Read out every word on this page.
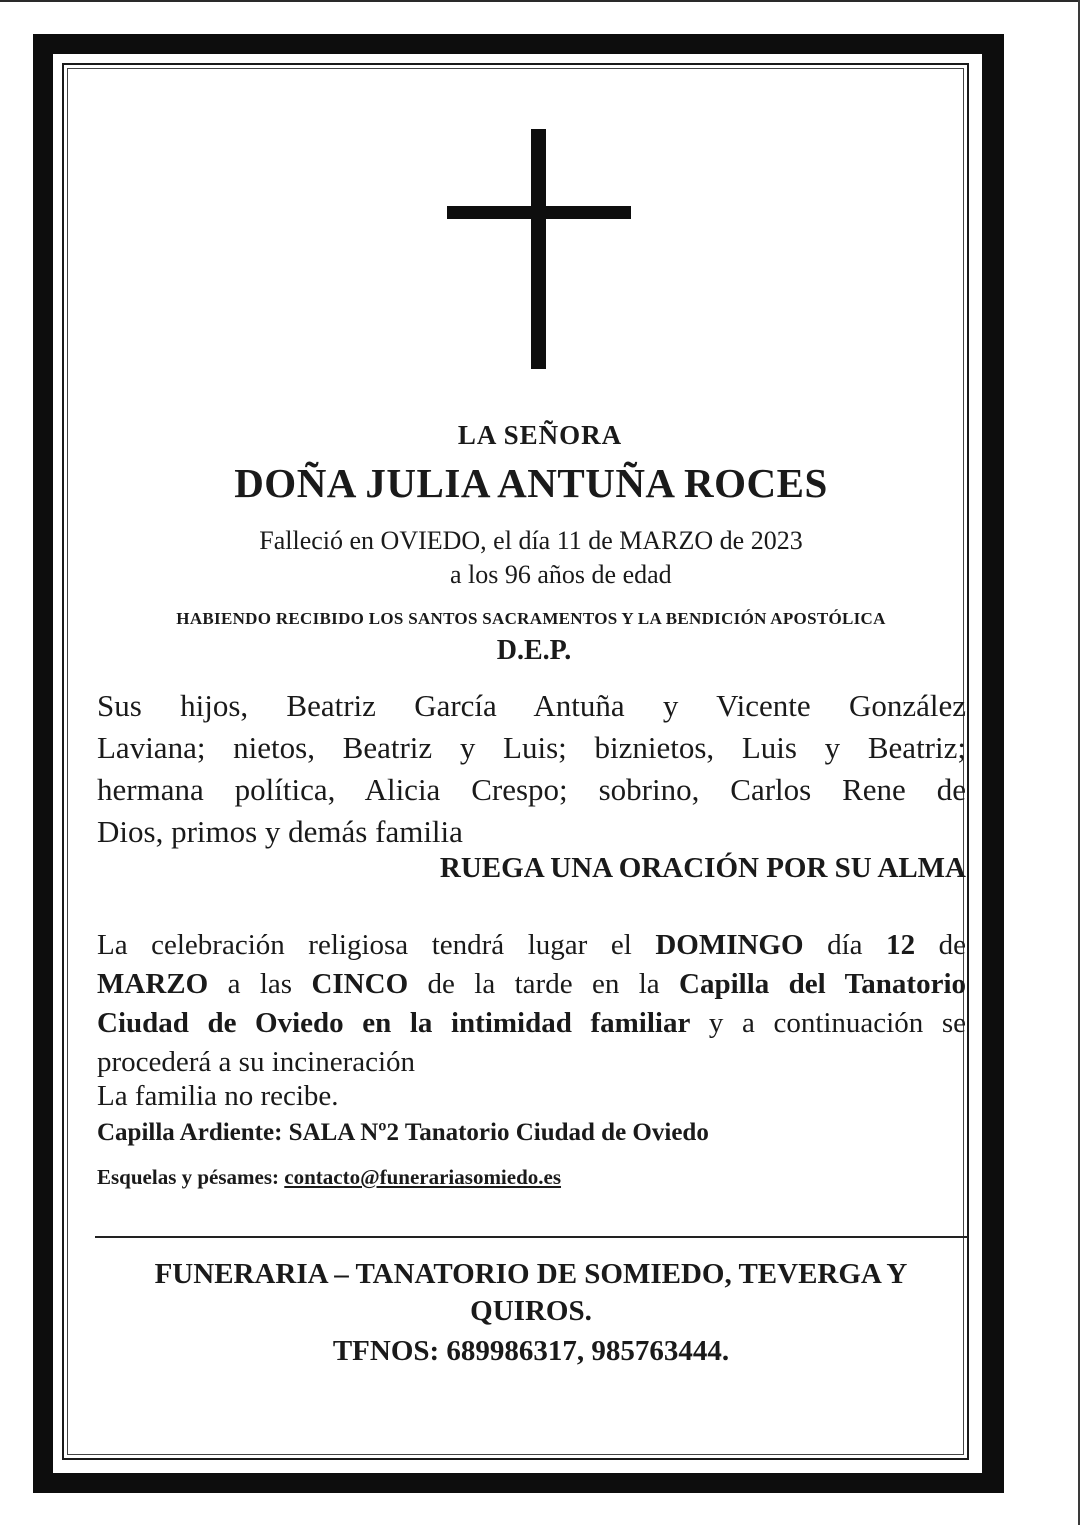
LA SEÑORA
DOÑA JULIA ANTUÑA ROCES
Falleció en OVIEDO, el día 11 de MARZO de 2023
a los 96 años de edad
HABIENDO RECIBIDO LOS SANTOS SACRAMENTOS Y LA BENDICIÓN APOSTÓLICA
D.E.P.
Sus hijos, Beatriz García Antuña y Vicente González
Laviana; nietos, Beatriz y Luis; biznietos, Luis y Beatriz;
hermana política, Alicia Crespo; sobrino, Carlos Rene de
Dios, primos y demás familia
RUEGA UNA ORACIÓN POR SU ALMA
La celebración religiosa tendrá lugar el DOMINGO día 12 de
MARZO a las CINCO de la tarde en la Capilla del Tanatorio
Ciudad de Oviedo en la intimidad familiar y a continuación se
procederá a su incineración
La familia no recibe.
Capilla Ardiente: SALA Nº2 Tanatorio Ciudad de Oviedo
Esquelas y pésames: contacto@funerariasomiedo.es
FUNERARIA – TANATORIO DE SOMIEDO, TEVERGA Y
QUIROS.
TFNOS: 689986317, 985763444.
